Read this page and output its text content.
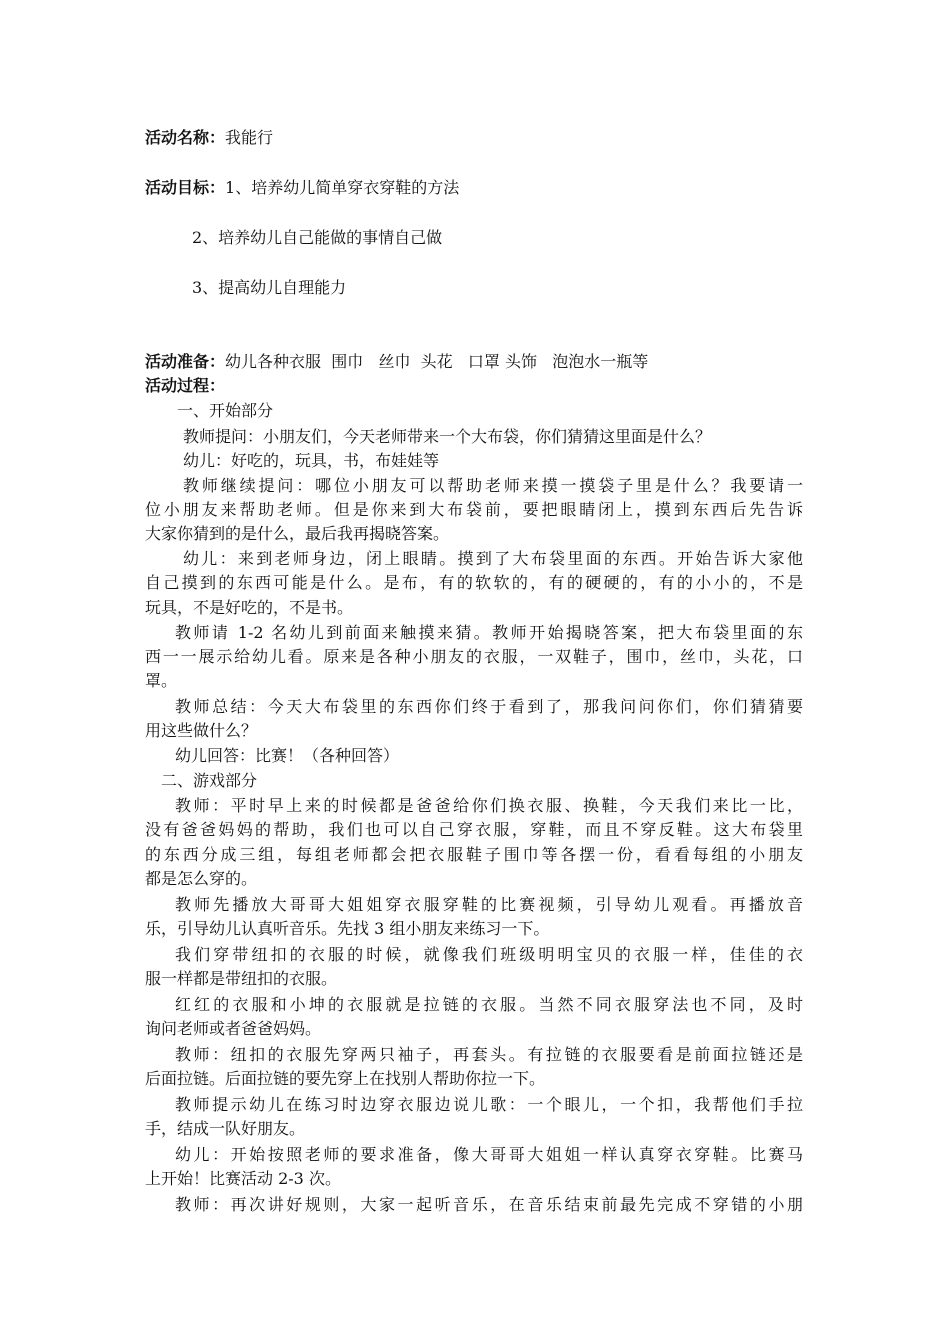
活动名称：我能行
活动目标：1、培养幼儿简单穿衣穿鞋的方法
2、培养幼儿自己能做的事情自己做
3、提高幼儿自理能力
活动准备：幼儿各种衣服  围巾   丝巾  头花   口罩 头饰   泡泡水一瓶等
活动过程：
一、开始部分
教师提问：小朋友们，今天老师带来一个大布袋，你们猜猜这里面是什么？
幼儿：好吃的，玩具，书，布娃娃等
教师继续提问：哪位小朋友可以帮助老师来摸一摸袋子里是什么？我要请一
位小朋友来帮助老师。但是你来到大布袋前，要把眼睛闭上，摸到东西后先告诉
大家你猜到的是什么，最后我再揭晓答案。
幼儿：来到老师身边，闭上眼睛。摸到了大布袋里面的东西。开始告诉大家他
自己摸到的东西可能是什么。是布，有的软软的，有的硬硬的，有的小小的，不是
玩具，不是好吃的，不是书。
教师请 1-2 名幼儿到前面来触摸来猜。教师开始揭晓答案，把大布袋里面的东
西一一展示给幼儿看。原来是各种小朋友的衣服，一双鞋子，围巾，丝巾，头花，口
罩。
教师总结：今天大布袋里的东西你们终于看到了，那我问问你们，你们猜猜要
用这些做什么？
幼儿回答：比赛！（各种回答）
二、游戏部分
教师：平时早上来的时候都是爸爸给你们换衣服、换鞋，今天我们来比一比，
没有爸爸妈妈的帮助，我们也可以自己穿衣服，穿鞋，而且不穿反鞋。这大布袋里
的东西分成三组，每组老师都会把衣服鞋子围巾等各摆一份，看看每组的小朋友
都是怎么穿的。
教师先播放大哥哥大姐姐穿衣服穿鞋的比赛视频，引导幼儿观看。再播放音
乐，引导幼儿认真听音乐。先找 3 组小朋友来练习一下。
我们穿带纽扣的衣服的时候，就像我们班级明明宝贝的衣服一样，佳佳的衣
服一样都是带纽扣的衣服。
红红的衣服和小坤的衣服就是拉链的衣服。当然不同衣服穿法也不同，及时
询问老师或者爸爸妈妈。
教师：纽扣的衣服先穿两只袖子，再套头。有拉链的衣服要看是前面拉链还是
后面拉链。后面拉链的要先穿上在找别人帮助你拉一下。
教师提示幼儿在练习时边穿衣服边说儿歌：一个眼儿，一个扣，我帮他们手拉
手，结成一队好朋友。
幼儿：开始按照老师的要求准备，像大哥哥大姐姐一样认真穿衣穿鞋。比赛马
上开始！比赛活动 2-3 次。
教师：再次讲好规则，大家一起听音乐，在音乐结束前最先完成不穿错的小朋
